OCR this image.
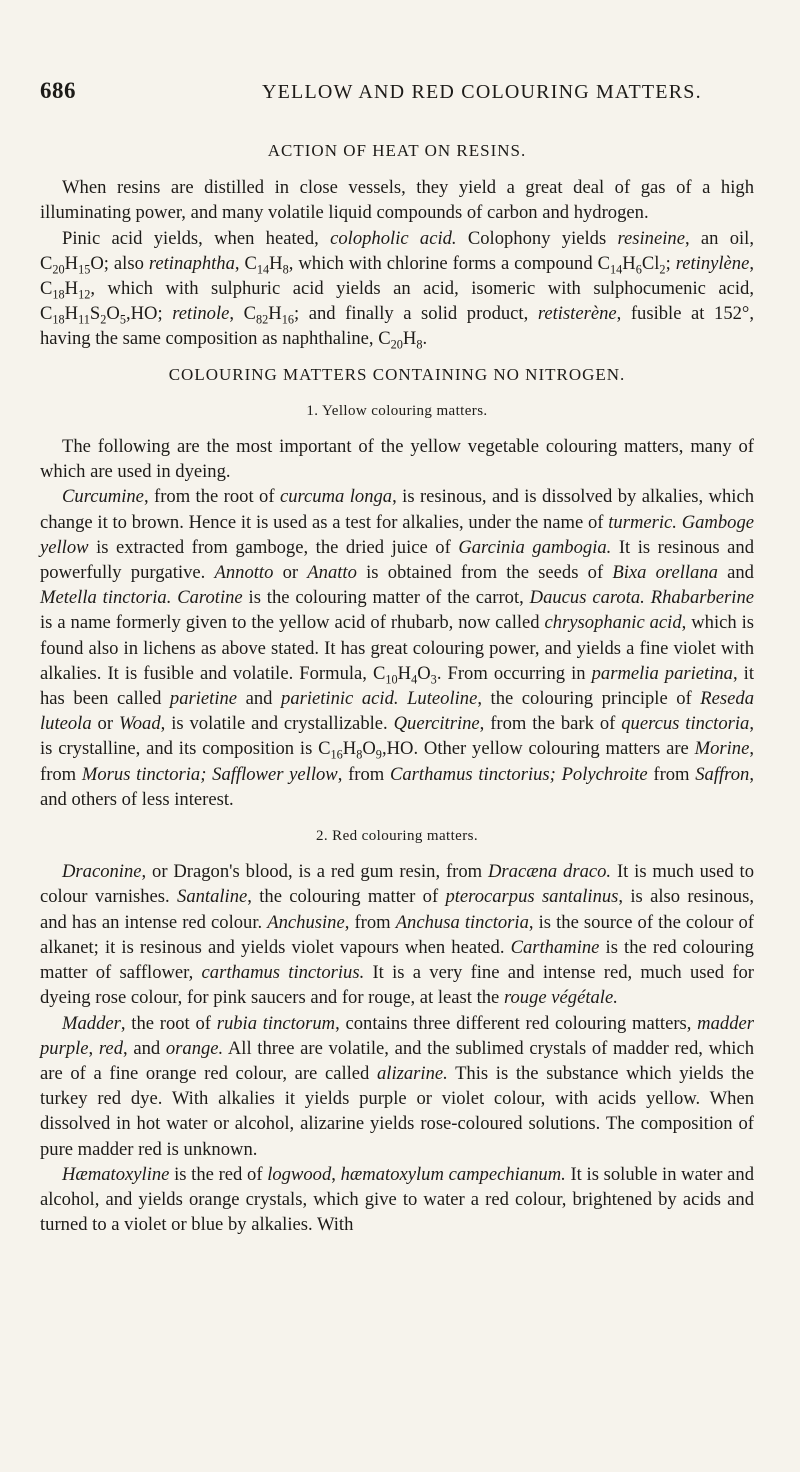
686	YELLOW AND RED COLOURING MATTERS.
ACTION OF HEAT ON RESINS.

When resins are distilled in close vessels, they yield a great deal of gas of a high illuminating power, and many volatile liquid compounds of carbon and hydrogen.

Pinic acid yields, when heated, colopholic acid. Colophony yields resineine, an oil, $C_{20}H_{15}O$; also retinaphtha, $C_{14}H_8$, which with chlorine forms a compound $C_{14}H_6Cl_2$; retinylène, $C_{18}H_{12}$, which with sulphuric acid yields an acid, isomeric with sulphocumenic acid, $C_{18}H_{11}S_2O_5,HO$; retinole, $C_{82}H_{16}$; and finally a solid product, retisterène, fusible at 152°, having the same composition as naphthaline, $C_{20}H_8$.

COLOURING MATTERS CONTAINING NO NITROGEN.
1. Yellow colouring matters.

The following are the most important of the yellow vegetable colouring matters, many of which are used in dyeing.

Curcumine, from the root of curcuma longa, is resinous, and is dissolved by alkalies, which change it to brown. Hence it is used as a test for alkalies, under the name of turmeric. Gamboge yellow is extracted from gamboge, the dried juice of Garcinia gambogia. It is resinous and powerfully purgative. Annotto or Anatto is obtained from the seeds of Bixa orellana and Metella tinctoria. Carotine is the colouring matter of the carrot, Daucus carota. Rhabarberine is a name formerly given to the yellow acid of rhubarb, now called chrysophanic acid, which is found also in lichens as above stated. It has great colouring power, and yields a fine violet with alkalies. It is fusible and volatile. Formula, $C_{10}H_4O_3$. From occurring in parmelia parietina, it has been called parietine and parietinic acid. Luteoline, the colouring principle of Reseda luteola or Woad, is volatile and crystallizable. Quercitrine, from the bark of quercus tinctoria, is crystalline, and its composition is $C_{16}H_8O_9,HO$. Other yellow colouring matters are Morine, from Morus tinctoria; Safflower yellow, from Carthamus tinctorius; Polychroite from Saffron, and others of less interest.

2. Red colouring matters.

Draconine, or Dragon's blood, is a red gum resin, from Dracæna draco. It is much used to colour varnishes. Santaline, the colouring matter of pterocarpus santalinus, is also resinous, and has an intense red colour. Anchusine, from Anchusa tinctoria, is the source of the colour of alkanet; it is resinous and yields violet vapours when heated. Carthamine is the red colouring matter of safflower, carthamus tinctorius. It is a very fine and intense red, much used for dyeing rose colour, for pink saucers and for rouge, at least the rouge végétale.

Madder, the root of rubia tinctorum, contains three different red colouring matters, madder purple, red, and orange. All three are volatile, and the sublimed crystals of madder red, which are of a fine orange red colour, are called alizarine. This is the substance which yields the turkey red dye. With alkalies it yields purple or violet colour, with acids yellow. When dissolved in hot water or alcohol, alizarine yields rose-coloured solutions. The composition of pure madder red is unknown.

Hæmatoxyline is the red of logwood, hæmatoxylum campechianum. It is soluble in water and alcohol, and yields orange crystals, which give to water a red colour, brightened by acids and turned to a violet or blue by alkalies. With
